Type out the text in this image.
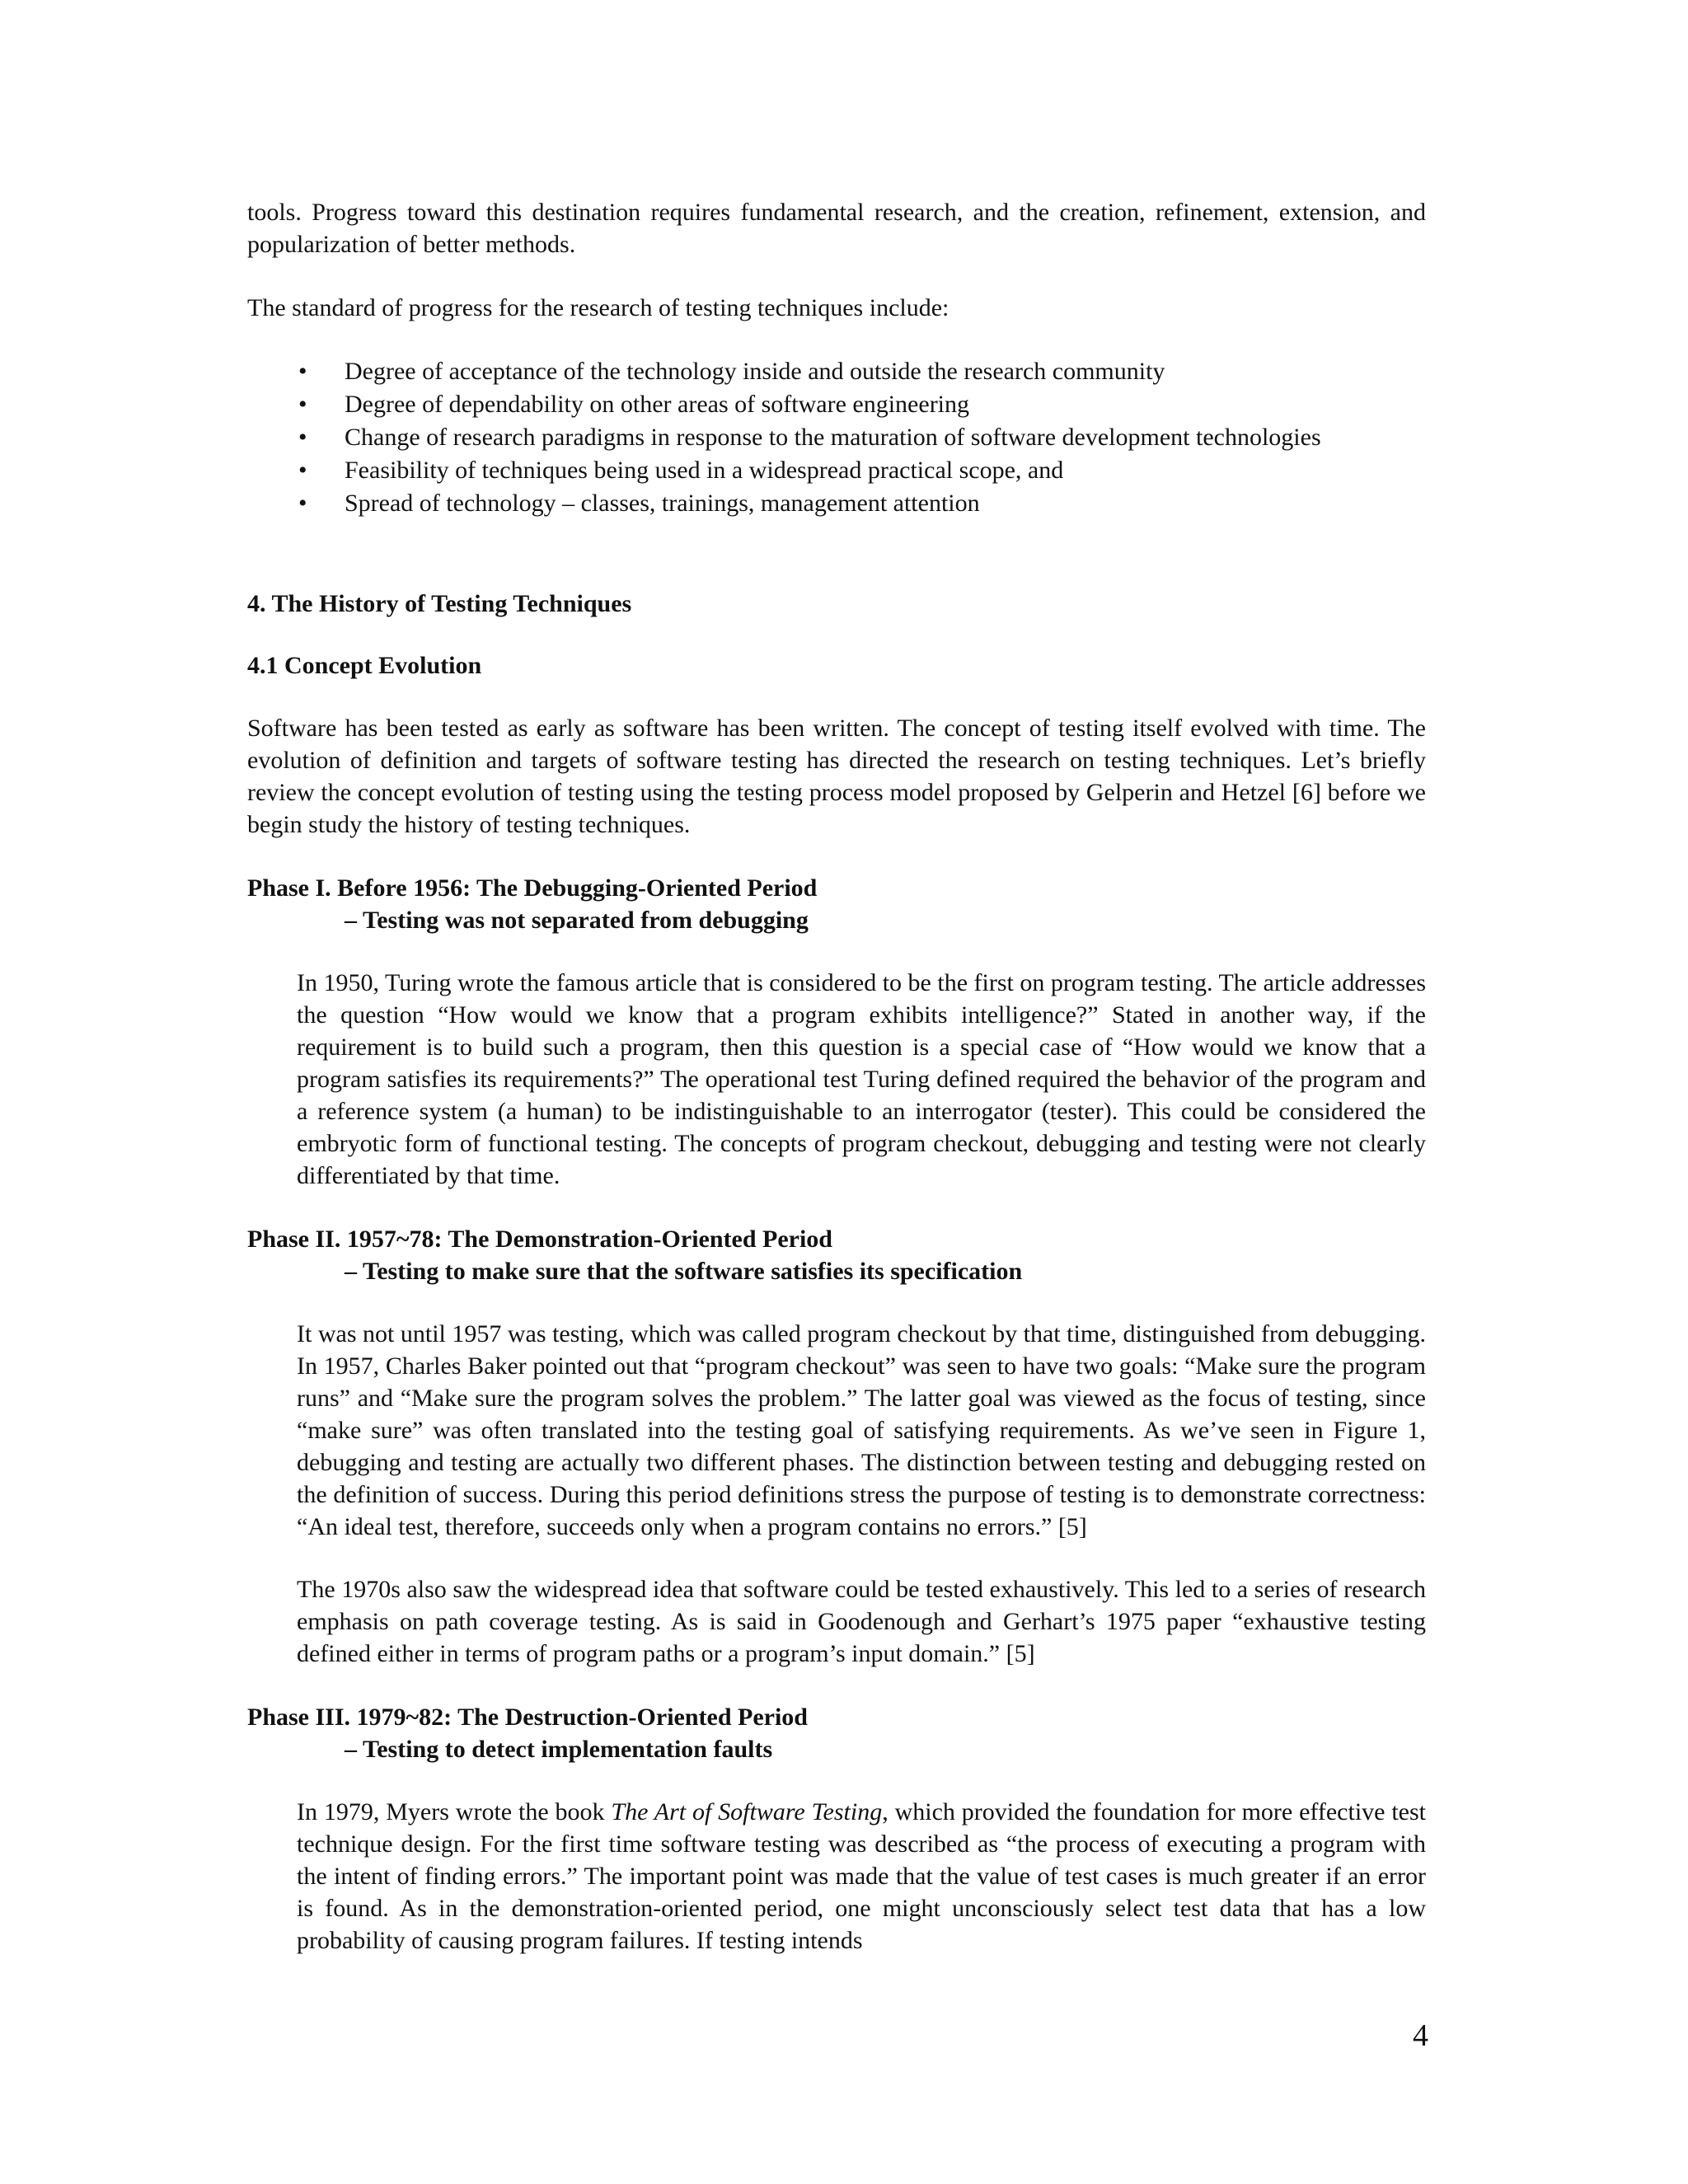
tools. Progress toward this destination requires fundamental research, and the creation, refinement, extension, and popularization of better methods.

The standard of progress for the research of testing techniques include:

• Degree of acceptance of the technology inside and outside the research community
• Degree of dependability on other areas of software engineering
• Change of research paradigms in response to the maturation of software development technologies
• Feasibility of techniques being used in a widespread practical scope, and
• Spread of technology – classes, trainings, management attention
4. The History of Testing Techniques
4.1 Concept Evolution

Software has been tested as early as software has been written. The concept of testing itself evolved with time. The evolution of definition and targets of software testing has directed the research on testing techniques. Let’s briefly review the concept evolution of testing using the testing process model proposed by Gelperin and Hetzel [6] before we begin study the history of testing techniques.

Phase I. Before 1956: The Debugging-Oriented Period
– Testing was not separated from debugging

In 1950, Turing wrote the famous article that is considered to be the first on program testing. The article addresses the question “How would we know that a program exhibits intelligence?” Stated in another way, if the requirement is to build such a program, then this question is a special case of “How would we know that a program satisfies its requirements?” The operational test Turing defined required the behavior of the program and a reference system (a human) to be indistinguishable to an interrogator (tester). This could be considered the embryotic form of functional testing. The concepts of program checkout, debugging and testing were not clearly differentiated by that time.

Phase II. 1957~78: The Demonstration-Oriented Period
– Testing to make sure that the software satisfies its specification

It was not until 1957 was testing, which was called program checkout by that time, distinguished from debugging. In 1957, Charles Baker pointed out that “program checkout” was seen to have two goals: “Make sure the program runs” and “Make sure the program solves the problem.” The latter goal was viewed as the focus of testing, since “make sure” was often translated into the testing goal of satisfying requirements. As we’ve seen in Figure 1, debugging and testing are actually two different phases. The distinction between testing and debugging rested on the definition of success. During this period definitions stress the purpose of testing is to demonstrate correctness: “An ideal test, therefore, succeeds only when a program contains no errors.” [5]

The 1970s also saw the widespread idea that software could be tested exhaustively. This led to a series of research emphasis on path coverage testing. As is said in Goodenough and Gerhart’s 1975 paper “exhaustive testing defined either in terms of program paths or a program’s input domain.” [5]

Phase III. 1979~82: The Destruction-Oriented Period
– Testing to detect implementation faults

In 1979, Myers wrote the book The Art of Software Testing, which provided the foundation for more effective test technique design. For the first time software testing was described as “the process of executing a program with the intent of finding errors.” The important point was made that the value of test cases is much greater if an error is found. As in the demonstration-oriented period, one might unconsciously select test data that has a low probability of causing program failures. If testing intends

4
